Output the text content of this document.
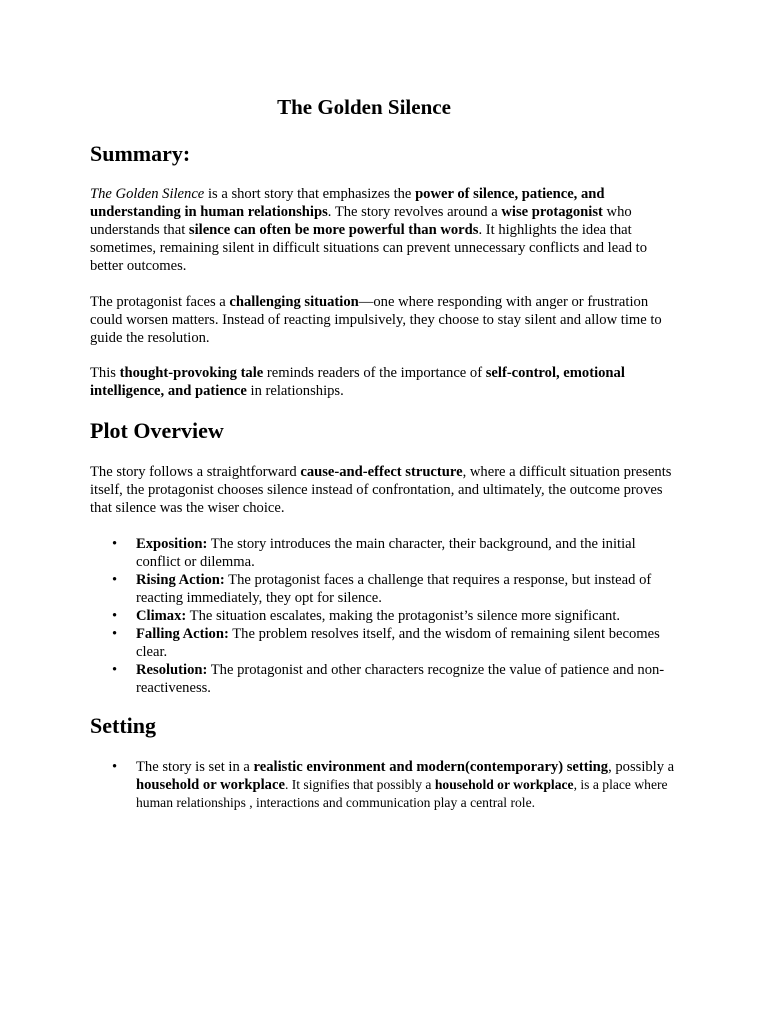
The Golden Silence
Summary:

The Golden Silence is a short story that emphasizes the power of silence, patience, and understanding in human relationships. The story revolves around a wise protagonist who understands that silence can often be more powerful than words. It highlights the idea that sometimes, remaining silent in difficult situations can prevent unnecessary conflicts and lead to better outcomes.

The protagonist faces a challenging situation—one where responding with anger or frustration could worsen matters. Instead of reacting impulsively, they choose to stay silent and allow time to guide the resolution.

This thought-provoking tale reminds readers of the importance of self-control, emotional intelligence, and patience in relationships.

Plot Overview

The story follows a straightforward cause-and-effect structure, where a difficult situation presents itself, the protagonist chooses silence instead of confrontation, and ultimately, the outcome proves that silence was the wiser choice.

• Exposition: The story introduces the main character, their background, and the initial conflict or dilemma.
• Rising Action: The protagonist faces a challenge that requires a response, but instead of reacting immediately, they opt for silence.
• Climax: The situation escalates, making the protagonist’s silence more significant.
• Falling Action: The problem resolves itself, and the wisdom of remaining silent becomes clear.
• Resolution: The protagonist and other characters recognize the value of patience and non-reactiveness.
Setting
• The story is set in a realistic environment and modern(contemporary) setting, possibly a household or workplace. It signifies that possibly a household or workplace, is a place where human relationships , interactions and communication play a central role.
